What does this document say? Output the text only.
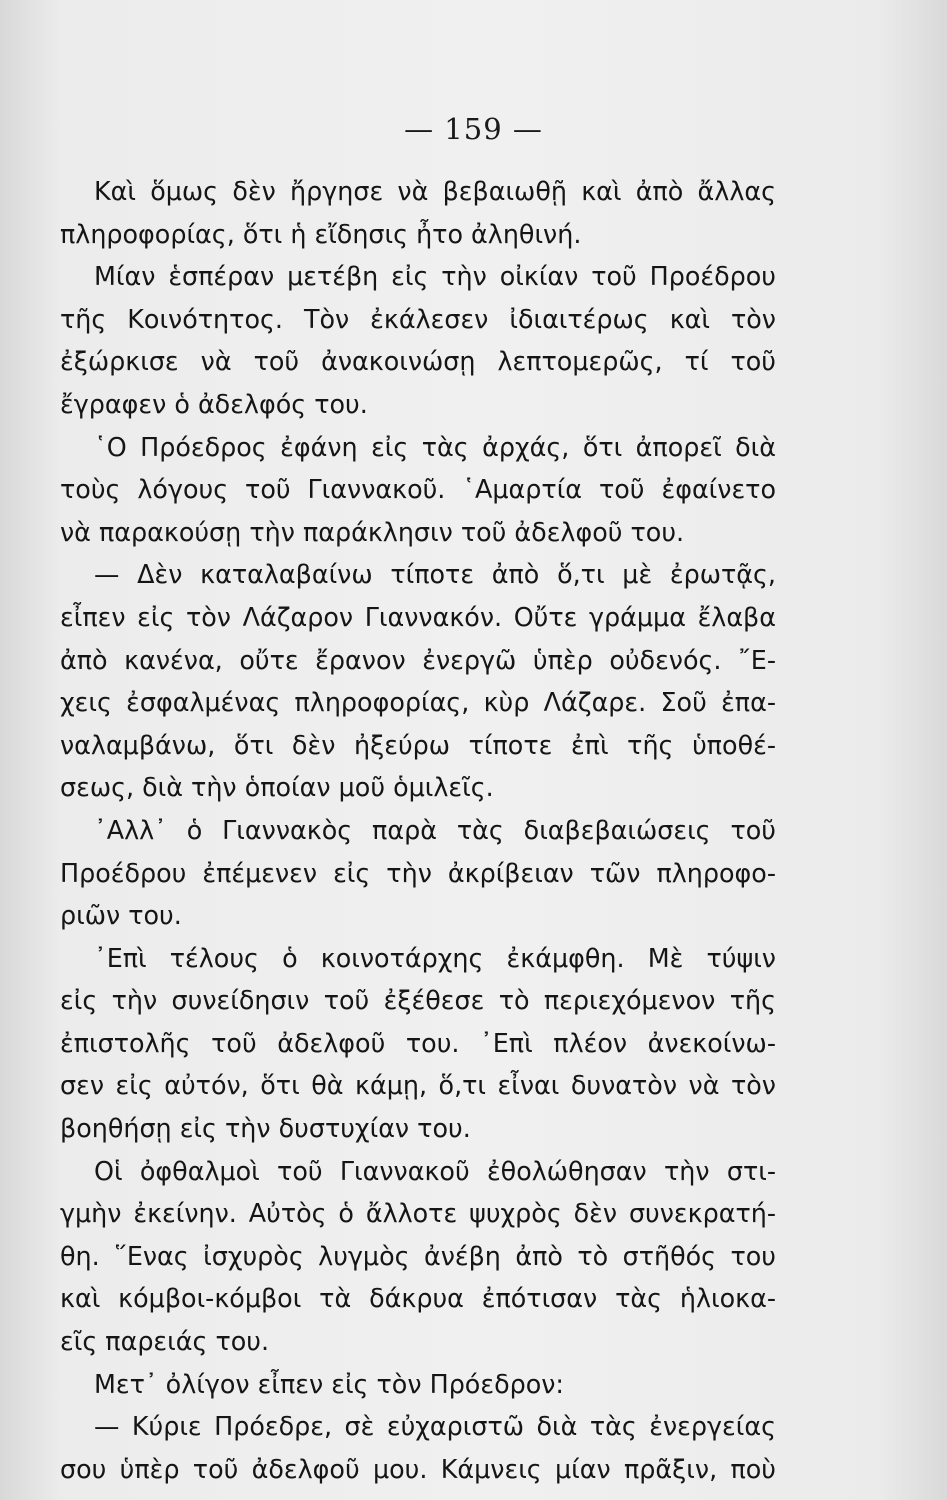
— 159 —
Καὶ ὅμως δὲν ἤργησε νὰ βεβαιωθῇ καὶ ἀπὸ ἄλλας
πληροφορίας, ὅτι ἡ εἴδησις ἦτο ἀληθινή.
Μίαν ἑσπέραν μετέβη εἰς τὴν οἰκίαν τοῦ Προέδρου
τῆς Κοινότητος. Τὸν ἐκάλεσεν ἰδιαιτέρως καὶ τὸν
ἐξώρκισε νὰ τοῦ ἀνακοινώσῃ λεπτομερῶς, τί τοῦ
ἔγραφεν ὁ ἀδελφός του.
῾Ο Πρόεδρος ἐφάνη εἰς τὰς ἀρχάς, ὅτι ἀπορεῖ διὰ
τοὺς λόγους τοῦ Γιαννακοῦ. ῾Αμαρτία τοῦ ἐφαίνετο
νὰ παρακούσῃ τὴν παράκλησιν τοῦ ἀδελφοῦ του.
— Δὲν καταλαβαίνω τίποτε ἀπὸ ὅ,τι μὲ ἐρωτᾷς,
εἶπεν εἰς τὸν Λάζαρον Γιαννακόν. Οὔτε γράμμα ἔλαβα
ἀπὸ κανένα, οὔτε ἔρανον ἐνεργῶ ὑπὲρ οὐδενός. ῎Ε-
χεις ἐσφαλμένας πληροφορίας, κὺρ Λάζαρε. Σοῦ ἐπα-
ναλαμβάνω, ὅτι δὲν ἠξεύρω τίποτε ἐπὶ τῆς ὑποθέ-
σεως, διὰ τὴν ὁποίαν μοῦ ὁμιλεῖς.
᾿Αλλ᾿ ὁ Γιαννακὸς παρὰ τὰς διαβεβαιώσεις τοῦ
Προέδρου ἐπέμενεν εἰς τὴν ἀκρίβειαν τῶν πληροφο-
ριῶν του.
᾿Επὶ τέλους ὁ κοινοτάρχης ἐκάμφθη. Μὲ τύψιν
εἰς τὴν συνείδησιν τοῦ ἐξέθεσε τὸ περιεχόμενον τῆς
ἐπιστολῆς τοῦ ἀδελφοῦ του. ᾿Επὶ πλέον ἀνεκοίνω-
σεν εἰς αὐτόν, ὅτι θὰ κάμῃ, ὅ,τι εἶναι δυνατὸν νὰ τὸν
βοηθήσῃ εἰς τὴν δυστυχίαν του.
Οἱ ὀφθαλμοὶ τοῦ Γιαννακοῦ ἐθολώθησαν τὴν στι-
γμὴν ἐκείνην. Αὐτὸς ὁ ἄλλοτε ψυχρὸς δὲν συνεκρατή-
θη. ῞Ενας ἰσχυρὸς λυγμὸς ἀνέβη ἀπὸ τὸ στῆθός του
καὶ κόμβοι-κόμβοι τὰ δάκρυα ἐπότισαν τὰς ἡλιοκα-
εῖς παρειάς του.
Μετ᾿ ὀλίγον εἶπεν εἰς τὸν Πρόεδρον:
— Κύριε Πρόεδρε, σὲ εὐχαριστῶ διὰ τὰς ἐνεργείας
σου ὑπὲρ τοῦ ἀδελφοῦ μου. Κάμνεις μίαν πρᾶξιν, ποὺ
